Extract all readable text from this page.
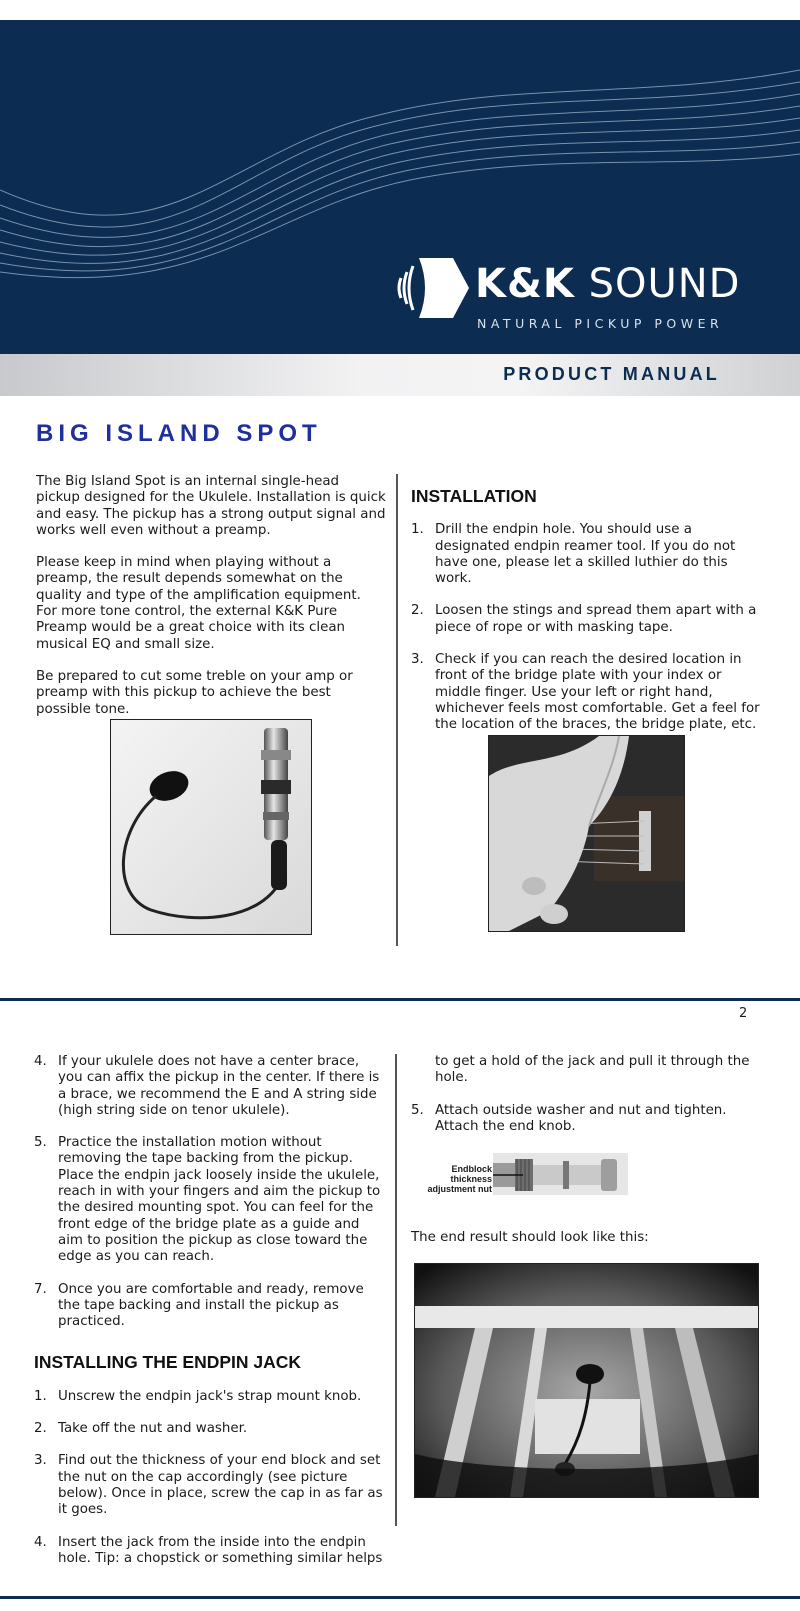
K&K SOUND
NATURAL PICKUP POWER
PRODUCT MANUAL
BIG ISLAND SPOT

The Big Island Spot is an internal single-head pickup designed for the Ukulele. Installation is quick and easy. The pickup has a strong output signal and works well even without a preamp.

Please keep in mind when playing without a preamp, the result depends somewhat on the quality and type of the amplification equipment. For more tone control, the external K&K Pure Preamp would be a great choice with its clean musical EQ and small size.

Be prepared to cut some treble on your amp or preamp with this pickup to achieve the best possible tone.

INSTALLATION
1. Drill the endpin hole. You should use a designated endpin reamer tool. If you do not have one, please let a skilled luthier do this work.
2. Loosen the stings and spread them apart with a piece of rope or with masking tape.
3. Check if you can reach the desired location in front of the bridge plate with your index or middle finger. Use your left or right hand, whichever feels most comfortable. Get a feel for the location of the braces, the bridge plate, etc.
2
4. If your ukulele does not have a center brace, you can affix the pickup in the center. If there is a brace, we recommend the E and A string side (high string side on tenor ukulele).
5. Practice the installation motion without removing the tape backing from the pickup. Place the endpin jack loosely inside the ukulele, reach in with your fingers and aim the pickup to the desired mounting spot. You can feel for the front edge of the bridge plate as a guide and aim to position the pickup as close toward the edge as you can reach.
7. Once you are comfortable and ready, remove the tape backing and install the pickup as practiced.
INSTALLING THE ENDPIN JACK
1. Unscrew the endpin jack's strap mount knob.
2. Take off the nut and washer.
3. Find out the thickness of your end block and set the nut on the cap accordingly (see picture below). Once in place, screw the cap in as far as it goes.
4. Insert the jack from the inside into the endpin hole. Tip: a chopstick or something similar helps

to get a hold of the jack and pull it through the hole.

5. Attach outside washer and nut and tighten. Attach the end knob.
Endblock thickness adjustment nut

The end result should look like this:
